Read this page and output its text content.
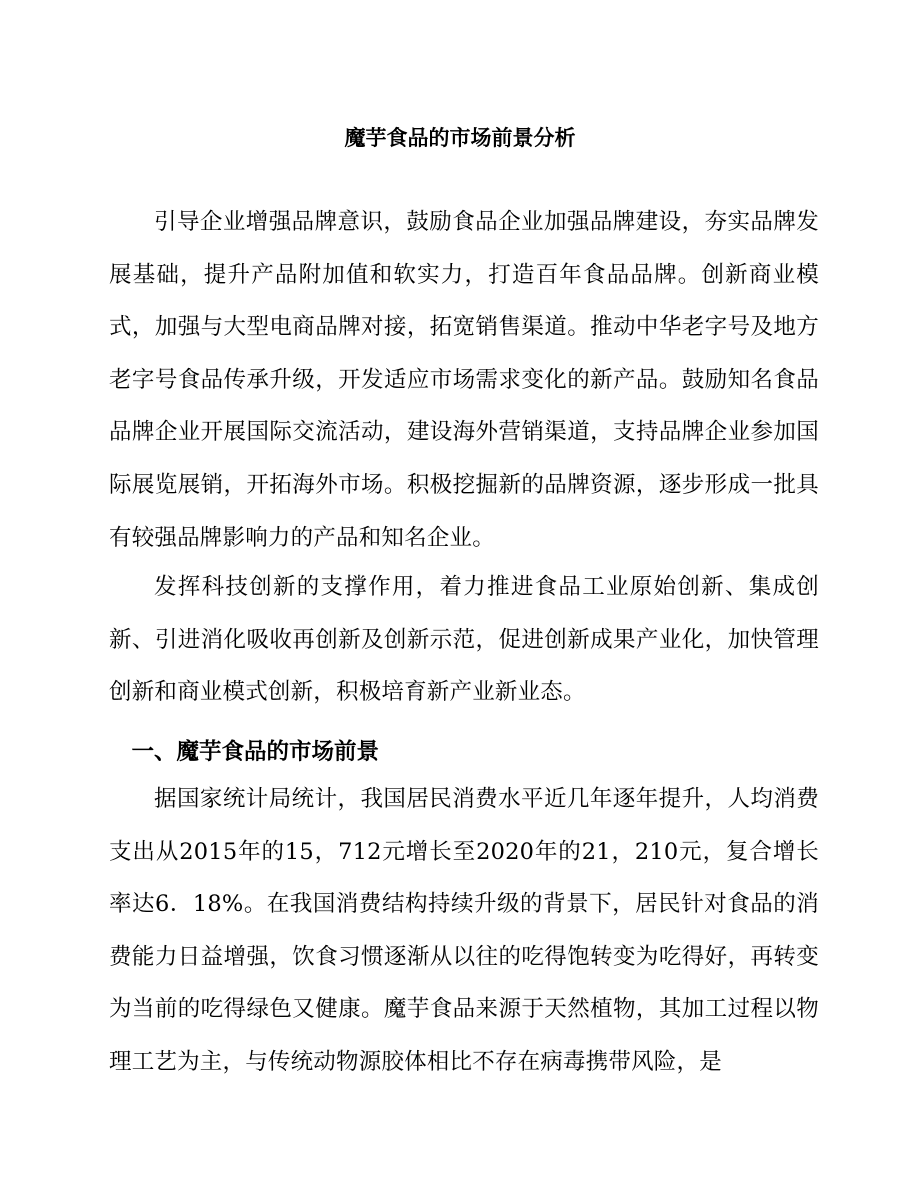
魔芋食品的市场前景分析

引导企业增强品牌意识，鼓励食品企业加强品牌建设，夯实品牌发展基础，提升产品附加值和软实力，打造百年食品品牌。创新商业模式，加强与大型电商品牌对接，拓宽销售渠道。推动中华老字号及地方老字号食品传承升级，开发适应市场需求变化的新产品。鼓励知名食品品牌企业开展国际交流活动，建设海外营销渠道，支持品牌企业参加国际展览展销，开拓海外市场。积极挖掘新的品牌资源，逐步形成一批具有较强品牌影响力的产品和知名企业。

发挥科技创新的支撑作用，着力推进食品工业原始创新、集成创新、引进消化吸收再创新及创新示范，促进创新成果产业化，加快管理创新和商业模式创新，积极培育新产业新业态。

一、魔芋食品的市场前景

据国家统计局统计，我国居民消费水平近几年逐年提升，人均消费支出从2015年的15，712元增长至2020年的21，210元，复合增长率达6．18%。在我国消费结构持续升级的背景下，居民针对食品的消费能力日益增强，饮食习惯逐渐从以往的吃得饱转变为吃得好，再转变为当前的吃得绿色又健康。魔芋食品来源于天然植物，其加工过程以物理工艺为主，与传统动物源胶体相比不存在病毒携带风险，是
